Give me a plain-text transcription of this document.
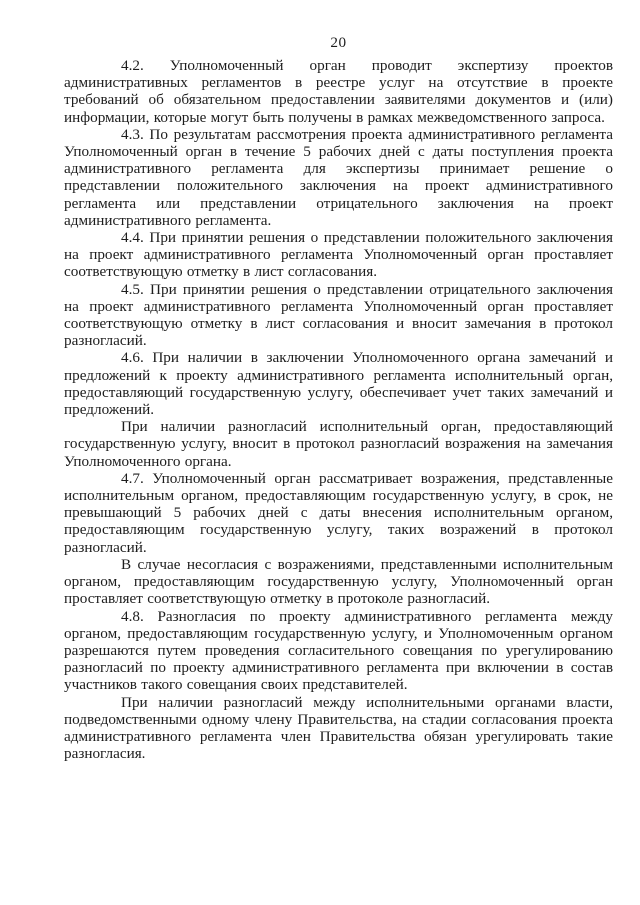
20

4.2. Уполномоченный орган проводит экспертизу проектов административных регламентов в реестре услуг на отсутствие в проекте требований об обязательном предоставлении заявителями документов и (или) информации, которые могут быть получены в рамках межведомственного запроса.

4.3. По результатам рассмотрения проекта административного регламента Уполномоченный орган в течение 5 рабочих дней с даты поступления проекта административного регламента для экспертизы принимает решение о представлении положительного заключения на проект административного регламента или представлении отрицательного заключения на проект административного регламента.

4.4. При принятии решения о представлении положительного заключения на проект административного регламента Уполномоченный орган проставляет соответствующую отметку в лист согласования.

4.5. При принятии решения о представлении отрицательного заключения на проект административного регламента Уполномоченный орган проставляет соответствующую отметку в лист согласования и вносит замечания в протокол разногласий.

4.6. При наличии в заключении Уполномоченного органа замечаний и предложений к проекту административного регламента исполнительный орган, предоставляющий государственную услугу, обеспечивает учет таких замечаний и предложений.

При наличии разногласий исполнительный орган, предоставляющий государственную услугу, вносит в протокол разногласий возражения на замечания Уполномоченного органа.

4.7. Уполномоченный орган рассматривает возражения, представленные исполнительным органом, предоставляющим государственную услугу, в срок, не превышающий 5 рабочих дней с даты внесения исполнительным органом, предоставляющим государственную услугу, таких возражений в протокол разногласий.

В случае несогласия с возражениями, представленными исполнительным органом, предоставляющим государственную услугу, Уполномоченный орган проставляет соответствующую отметку в протоколе разногласий.

4.8. Разногласия по проекту административного регламента между органом, предоставляющим государственную услугу, и Уполномоченным органом разрешаются путем проведения согласительного совещания по урегулированию разногласий по проекту административного регламента при включении в состав участников такого совещания своих представителей.

При наличии разногласий между исполнительными органами власти, подведомственными одному члену Правительства, на стадии согласования проекта административного регламента член Правительства обязан урегулировать такие разногласия.
